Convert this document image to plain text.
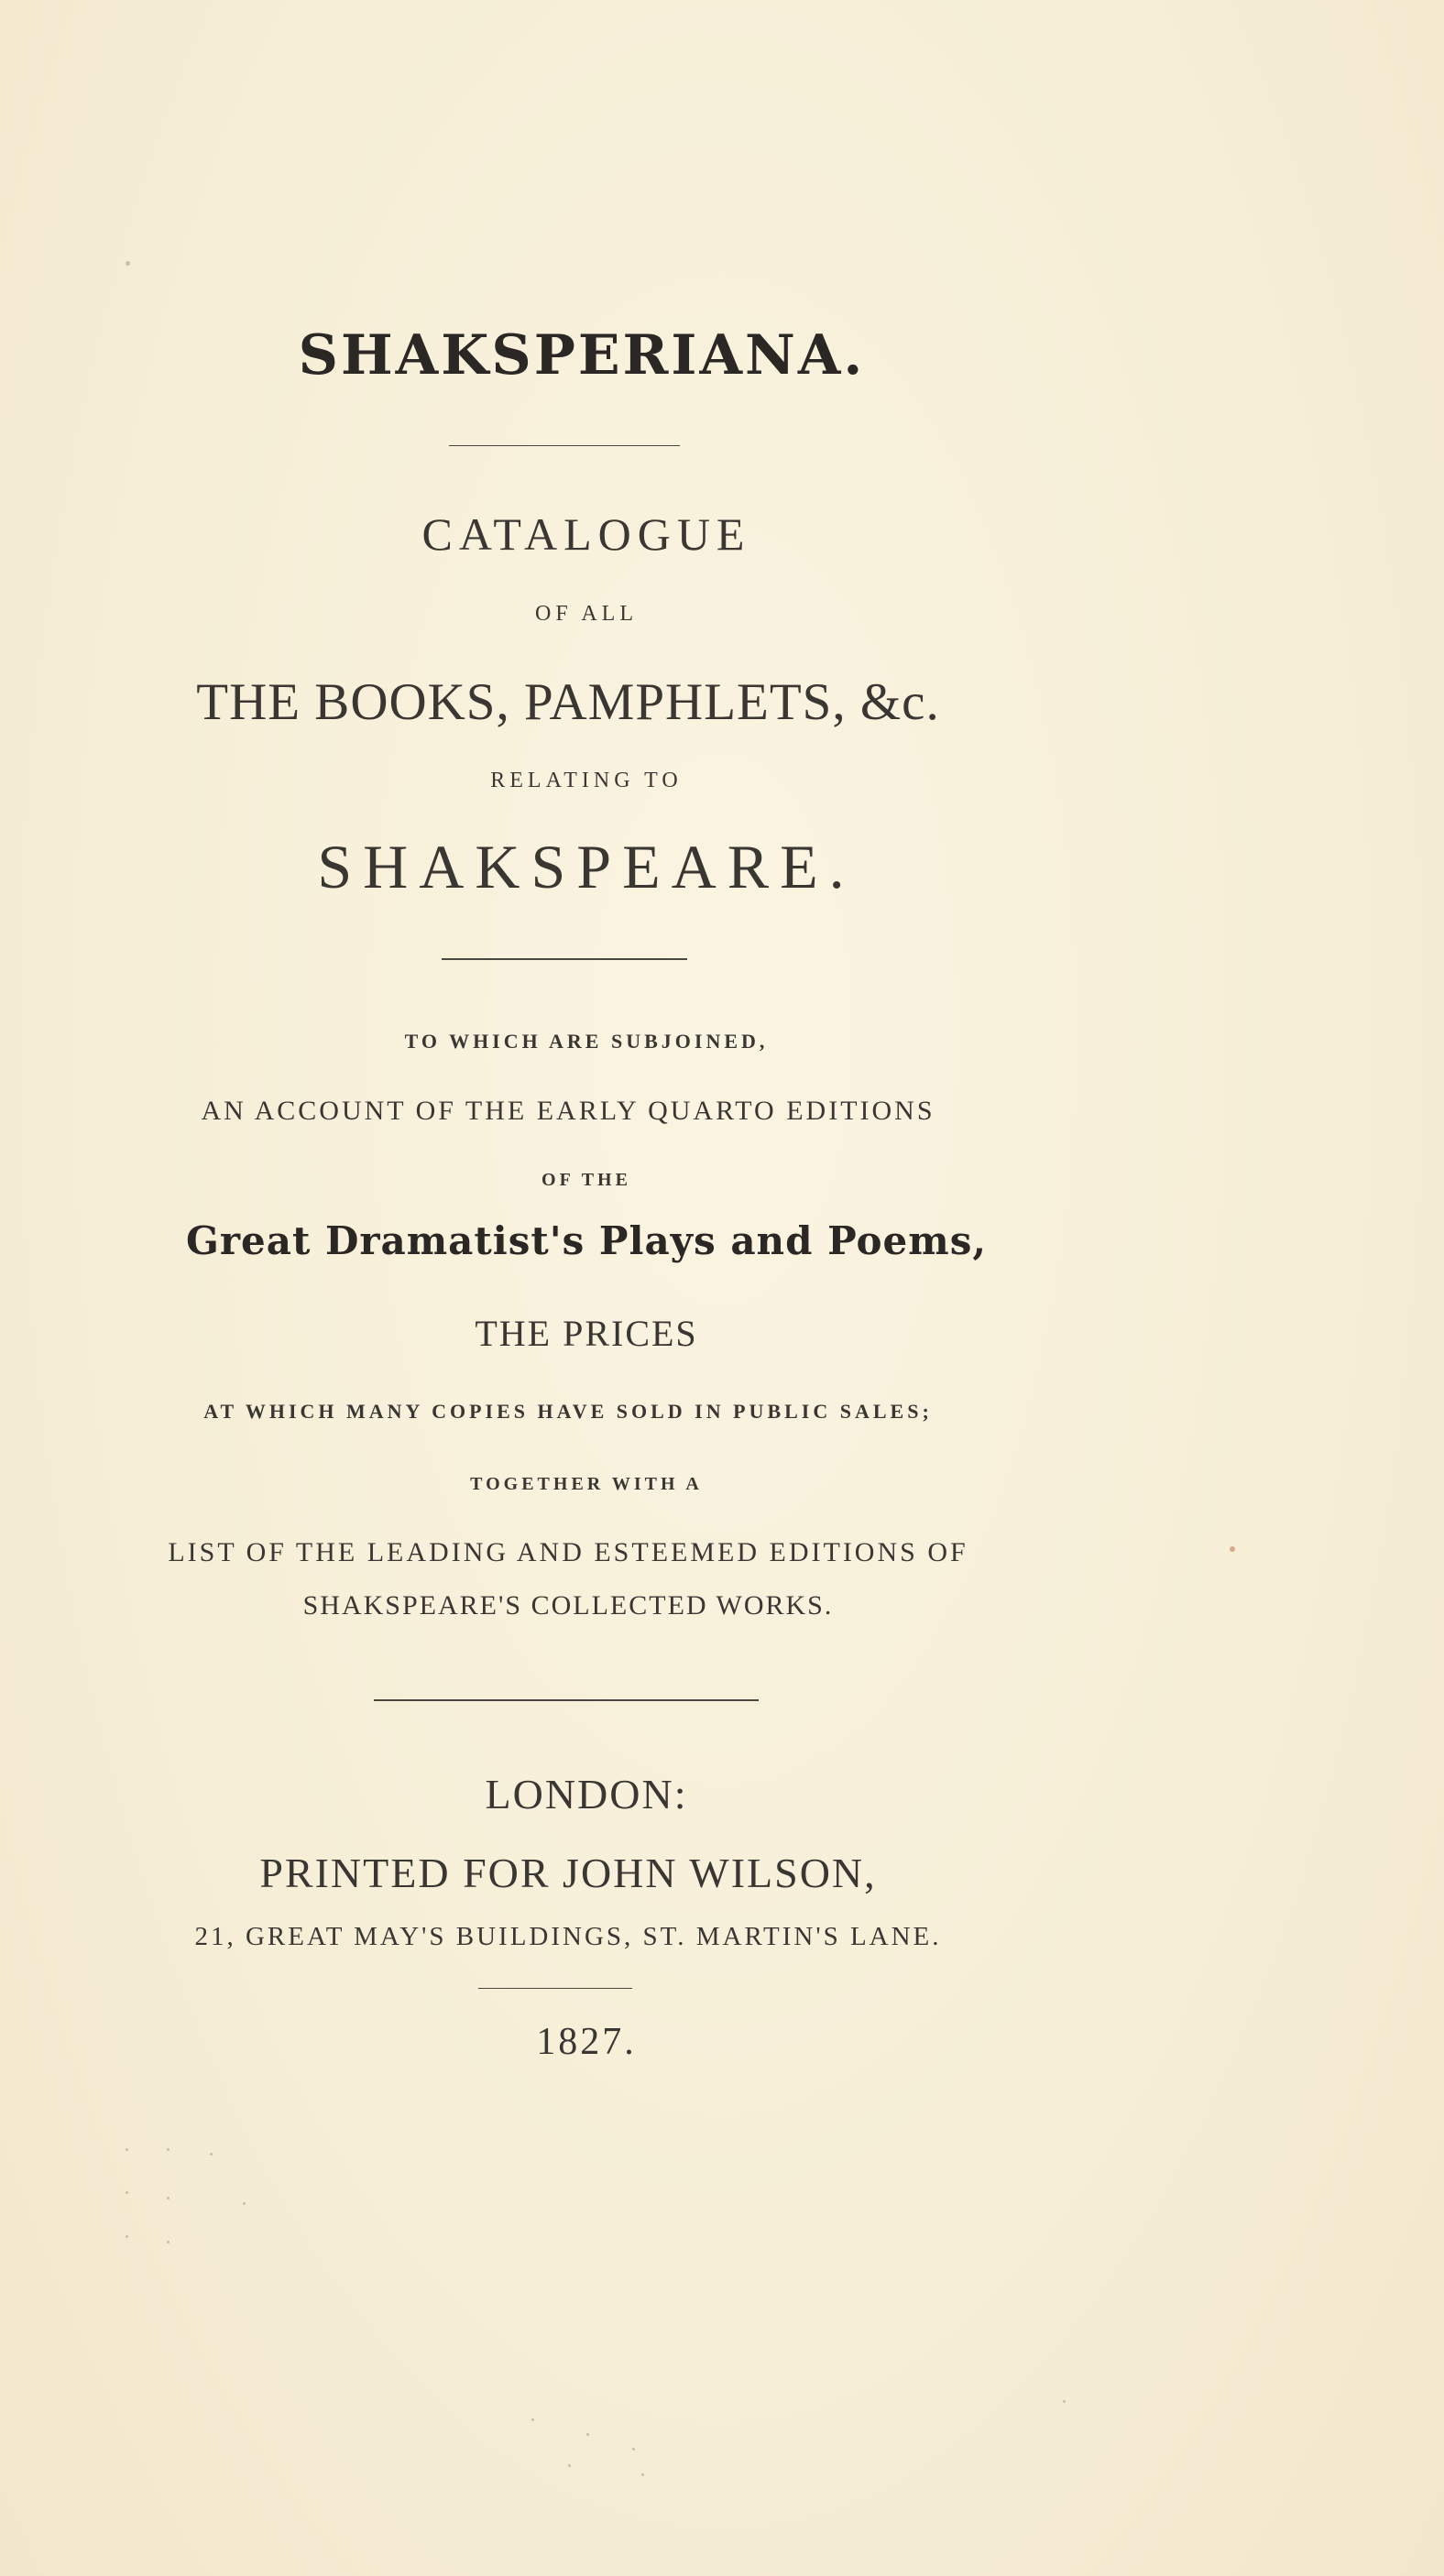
SHAKSPERIANA.
CATALOGUE
OF ALL
THE BOOKS, PAMPHLETS, &c.
RELATING TO
SHAKSPEARE.
TO WHICH ARE SUBJOINED,
AN ACCOUNT OF THE EARLY QUARTO EDITIONS
OF THE
Great Dramatist's Plays and Poems,
THE PRICES
AT WHICH MANY COPIES HAVE SOLD IN PUBLIC SALES;
TOGETHER WITH A
LIST OF THE LEADING AND ESTEEMED EDITIONS OF
SHAKSPEARE'S COLLECTED WORKS.
LONDON:
PRINTED FOR JOHN WILSON,
21, GREAT MAY'S BUILDINGS, ST. MARTIN'S LANE.
1827.
